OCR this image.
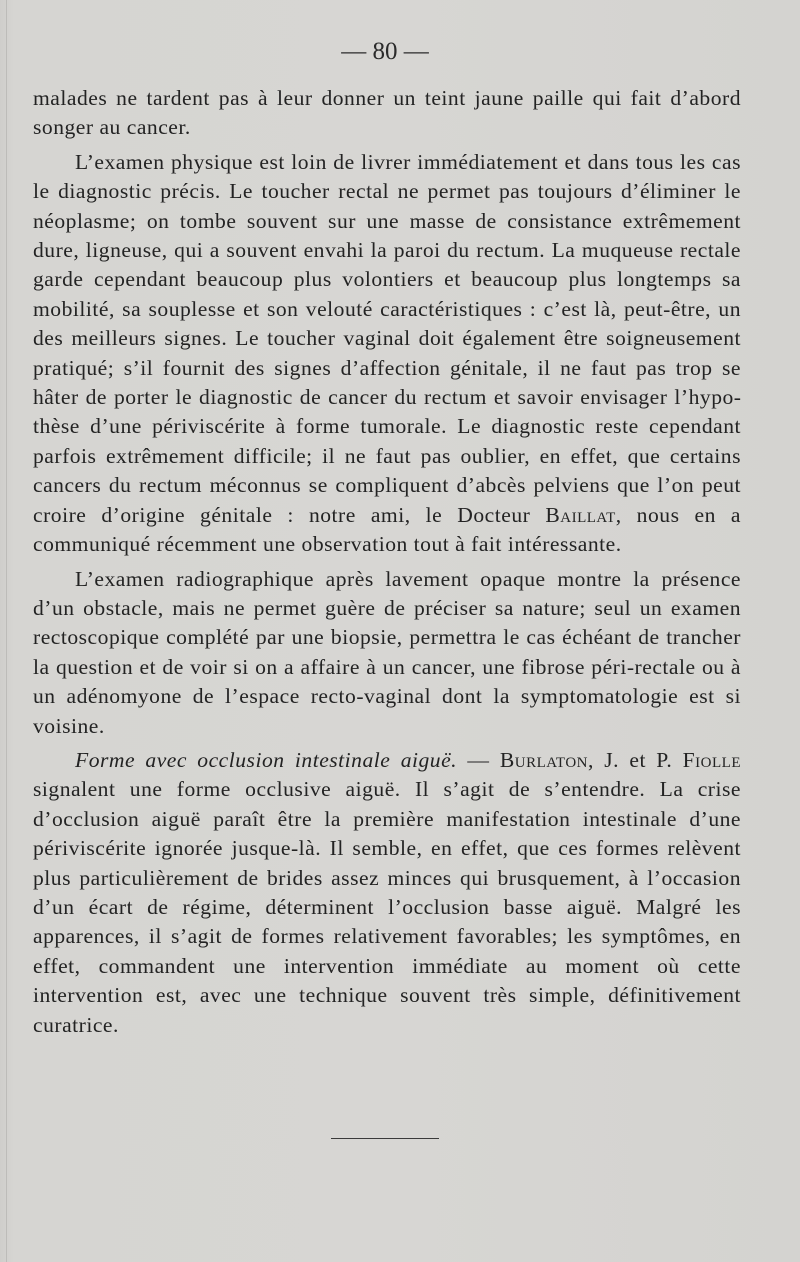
— 80 —

malades ne tardent pas à leur donner un teint jaune paille qui fait d’abord songer au cancer.

L’examen physique est loin de livrer immédiatement et dans tous les cas le diagnostic précis. Le toucher rectal ne permet pas toujours d’éliminer le néoplasme; on tombe souvent sur une masse de consistance extrêmement dure, ligneuse, qui a souvent envahi la paroi du rectum. La muqueuse rectale garde cependant beaucoup plus volontiers et beaucoup plus longtemps sa mobilité, sa souplesse et son velouté caractéristiques : c’est là, peut-être, un des meilleurs signes. Le toucher vaginal doit également être soigneusement pratiqué; s’il fournit des signes d’affection génitale, il ne faut pas trop se hâter de porter le diagnostic de cancer du rectum et savoir envisager l’hypothèse d’une périviscérite à forme tumorale. Le diagnostic reste cependant parfois extrêmement difficile; il ne faut pas oublier, en effet, que certains cancers du rectum méconnus se compliquent d’abcès pelviens que l’on peut croire d’origine génitale : notre ami, le Docteur Baillat, nous en a communiqué récemment une observation tout à fait intéressante.

L’examen radiographique après lavement opaque montre la présence d’un obstacle, mais ne permet guère de préciser sa nature; seul un examen rectoscopique complété par une biopsie, permettra le cas échéant de trancher la question et de voir si on a affaire à un cancer, une fibrose péri-rectale ou à un adénomyone de l’espace recto-vaginal dont la symptomatologie est si voisine.

Forme avec occlusion intestinale aiguë. — Burlaton, J. et P. Fiolle signalent une forme occlusive aiguë. Il s’agit de s’entendre. La crise d’occlusion aiguë paraît être la première manifestation intestinale d’une périviscérite ignorée jusque-là. Il semble, en effet, que ces formes relèvent plus particulièrement de brides assez minces qui brusquement, à l’occasion d’un écart de régime, déterminent l’occlusion basse aiguë. Malgré les apparences, il s’agit de formes relativement favorables; les symptômes, en effet, commandent une intervention immédiate au moment où cette intervention est, avec une technique souvent très simple, définitivement curatrice.
